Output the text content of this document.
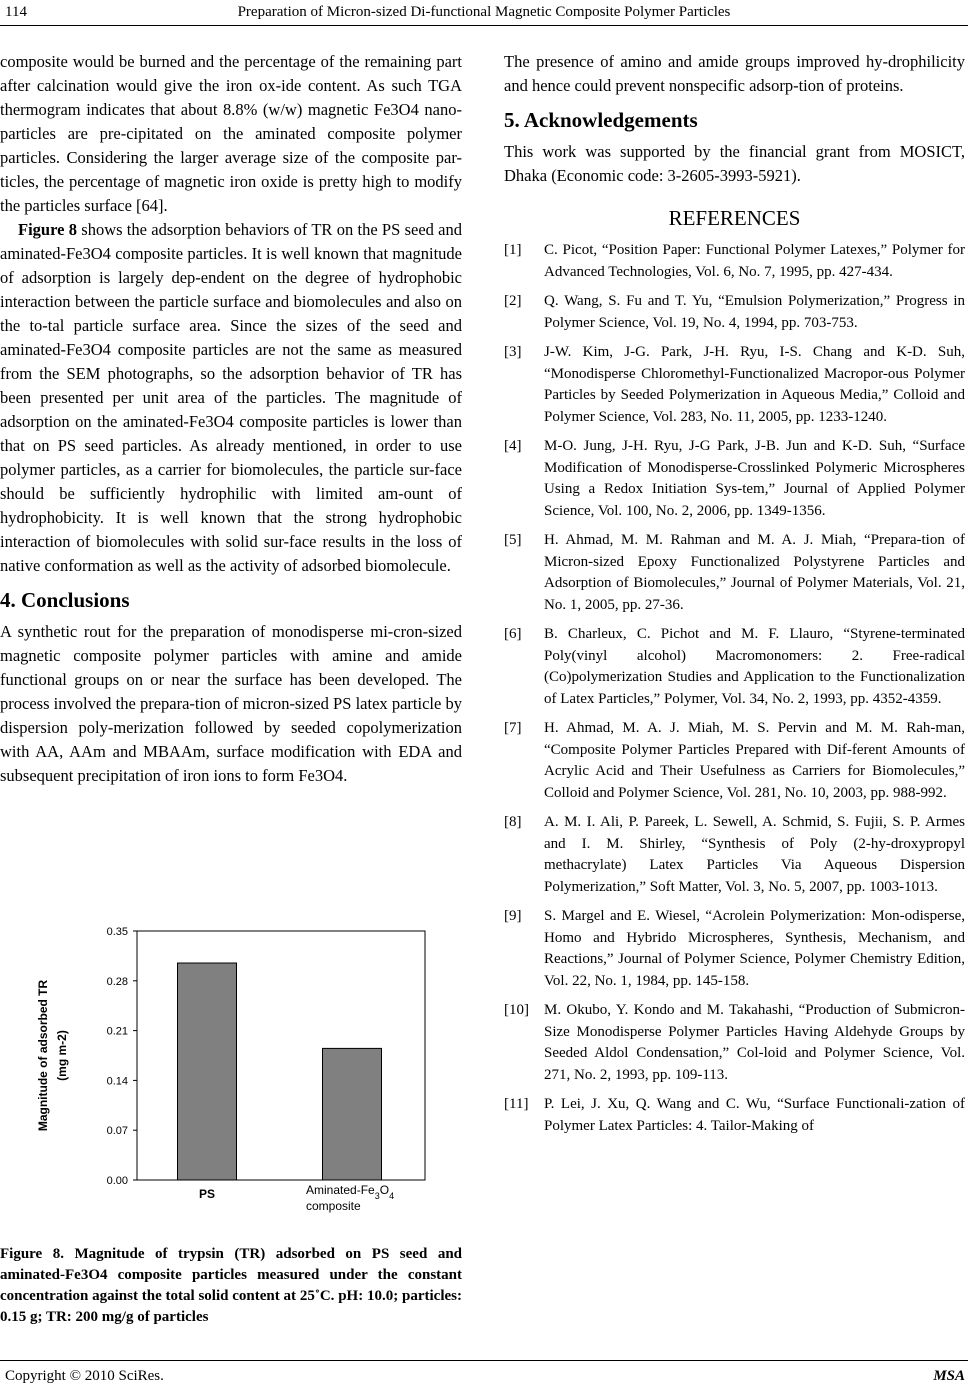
114	Preparation of Micron-sized Di-functional Magnetic Composite Polymer Particles

composite would be burned and the percentage of the remaining part after calcination would give the iron ox-ide content. As such TGA thermogram indicates that about 8.8% (w/w) magnetic Fe3O4 nano-particles are pre-cipitated on the aminated composite polymer particles. Considering the larger average size of the composite par-ticles, the percentage of magnetic iron oxide is pretty high to modify the particles surface [64].

Figure 8 shows the adsorption behaviors of TR on the PS seed and aminated-Fe3O4 composite particles. It is well known that magnitude of adsorption is largely dep-endent on the degree of hydrophobic interaction between the particle surface and biomolecules and also on the to-tal particle surface area. Since the sizes of the seed and aminated-Fe3O4 composite particles are not the same as measured from the SEM photographs, so the adsorption behavior of TR has been presented per unit area of the particles. The magnitude of adsorption on the aminated-Fe3O4 composite particles is lower than that on PS seed particles. As already mentioned, in order to use polymer particles, as a carrier for biomolecules, the particle sur-face should be sufficiently hydrophilic with limited am-ount of hydrophobicity. It is well known that the strong hydrophobic interaction of biomolecules with solid sur-face results in the loss of native conformation as well as the activity of adsorbed biomolecule.

4. Conclusions

A synthetic rout for the preparation of monodisperse mi-cron-sized magnetic composite polymer particles with amine and amide functional groups on or near the surface has been developed. The process involved the prepara-tion of micron-sized PS latex particle by dispersion poly-merization followed by seeded copolymerization with AA, AAm and MBAAm, surface modification with EDA and subsequent precipitation of iron ions to form Fe3O4.

0.00
0.07
0.14
0.21
0.28
0.35
PS	Aminated-$Fe_3O_4$
composite
Magnitude of adsorbed TR (mg m-2)
Figure 8. Magnitude of trypsin (TR) adsorbed on PS seed and aminated-Fe3O4 composite particles measured under the constant concentration against the total solid content at 25˚C. pH: 10.0; particles: 0.15 g; TR: 200 mg/g of particles

The presence of amino and amide groups improved hy-drophilicity and hence could prevent nonspecific adsorp-tion of proteins.

5. Acknowledgements

This work was supported by the financial grant from MOSICT, Dhaka (Economic code: 3-2605-3993-5921).

REFERENCES
[1] C. Picot, “Position Paper: Functional Polymer Latexes,” Polymer for Advanced Technologies, Vol. 6, No. 7, 1995, pp. 427-434.
[2] Q. Wang, S. Fu and T. Yu, “Emulsion Polymerization,” Progress in Polymer Science, Vol. 19, No. 4, 1994, pp. 703-753.
[3] J-W. Kim, J-G. Park, J-H. Ryu, I-S. Chang and K-D. Suh, “Monodisperse Chloromethyl-Functionalized Macropor-ous Polymer Particles by Seeded Polymerization in Aqueous Media,” Colloid and Polymer Science, Vol. 283, No. 11, 2005, pp. 1233-1240.
[4] M-O. Jung, J-H. Ryu, J-G Park, J-B. Jun and K-D. Suh, “Surface Modification of Monodisperse-Crosslinked Polymeric Microspheres Using a Redox Initiation Sys-tem,” Journal of Applied Polymer Science, Vol. 100, No. 2, 2006, pp. 1349-1356.
[5] H. Ahmad, M. M. Rahman and M. A. J. Miah, “Prepara-tion of Micron-sized Epoxy Functionalized Polystyrene Particles and Adsorption of Biomolecules,” Journal of Polymer Materials, Vol. 21, No. 1, 2005, pp. 27-36.
[6] B. Charleux, C. Pichot and M. F. Llauro, “Styrene-terminated Poly(vinyl alcohol) Macromonomers: 2. Free-radical (Co)polymerization Studies and Application to the Functionalization of Latex Particles,” Polymer, Vol. 34, No. 2, 1993, pp. 4352-4359.
[7] H. Ahmad, M. A. J. Miah, M. S. Pervin and M. M. Rah-man, “Composite Polymer Particles Prepared with Dif-ferent Amounts of Acrylic Acid and Their Usefulness as Carriers for Biomolecules,” Colloid and Polymer Science, Vol. 281, No. 10, 2003, pp. 988-992.
[8] A. M. I. Ali, P. Pareek, L. Sewell, A. Schmid, S. Fujii, S. P. Armes and I. M. Shirley, “Synthesis of Poly (2-hy-droxypropyl methacrylate) Latex Particles Via Aqueous Dispersion Polymerization,” Soft Matter, Vol. 3, No. 5, 2007, pp. 1003-1013.
[9] S. Margel and E. Wiesel, “Acrolein Polymerization: Mon-odisperse, Homo and Hybrido Microspheres, Synthesis, Mechanism, and Reactions,” Journal of Polymer Science, Polymer Chemistry Edition, Vol. 22, No. 1, 1984, pp. 145-158.
[10] M. Okubo, Y. Kondo and M. Takahashi, “Production of Submicron-Size Monodisperse Polymer Particles Having Aldehyde Groups by Seeded Aldol Condensation,” Col-loid and Polymer Science, Vol. 271, No. 2, 1993, pp. 109-113.
[11] P. Lei, J. Xu, Q. Wang and C. Wu, “Surface Functionali-zation of Polymer Latex Particles: 4. Tailor-Making of
Copyright © 2010 SciRes.	MSA
